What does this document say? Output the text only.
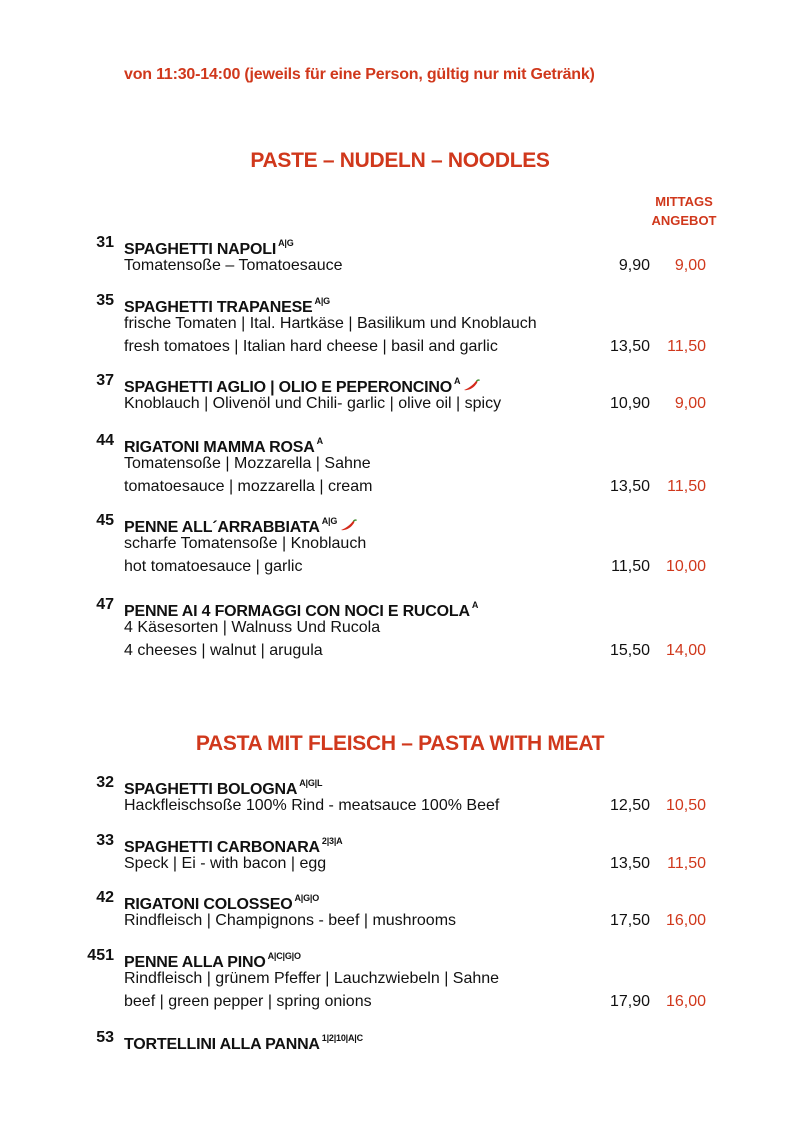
von 11:30-14:00 (jeweils für eine Person, gültig nur mit Getränk)
PASTE – NUDELN – NOODLES
MITTAGS
ANGEBOT
31 SPAGHETTI NAPOLI $^{A|G}$
Tomatensoße – Tomatoesauce	9,90	9,00
35 SPAGHETTI TRAPANESE $^{A|G}$
frische Tomaten | Ital. Hartkäse | Basilikum und Knoblauch
fresh tomatoes | Italian hard cheese | basil and garlic	13,50	11,50
37 SPAGHETTI AGLIO | OLIO E PEPERONCINO $^A$
Knoblauch | Olivenöl und Chili- garlic | olive oil | spicy	10,90	9,00
44 RIGATONI MAMMA ROSA $^A$
Tomatensoße | Mozzarella | Sahne
tomatoesauce | mozzarella | cream	13,50	11,50
45 PENNE ALL´ARRABBIATA $^{A|G}$
scharfe Tomatensoße | Knoblauch
hot tomatoesauce | garlic	11,50 10,00
47 PENNE AI 4 FORMAGGI CON NOCI E RUCOLA $^A$
4 Käsesorten | Walnuss Und Rucola
4 cheeses | walnut | arugula	15,50 14,00
PASTA MIT FLEISCH – PASTA WITH MEAT
32 SPAGHETTI BOLOGNA $^{A|G|L}$
Hackfleischsoße 100% Rind - meatsauce 100% Beef	12,50 10,50
33 SPAGHETTI CARBONARA $^{2|3|A}$
Speck | Ei - with bacon | egg	13,50	11,50
42 RIGATONI COLOSSEO $^{A|G|O}$
Rindfleisch | Champignons - beef | mushrooms	17,50 16,00
451 PENNE ALLA PINO $^{A|C|G|O}$
Rindfleisch | grünem Pfeffer | Lauchzwiebeln | Sahne
beef | green pepper | spring onions	17,90 16,00
53 TORTELLINI ALLA PANNA $^{1|2|10|A|C}$
